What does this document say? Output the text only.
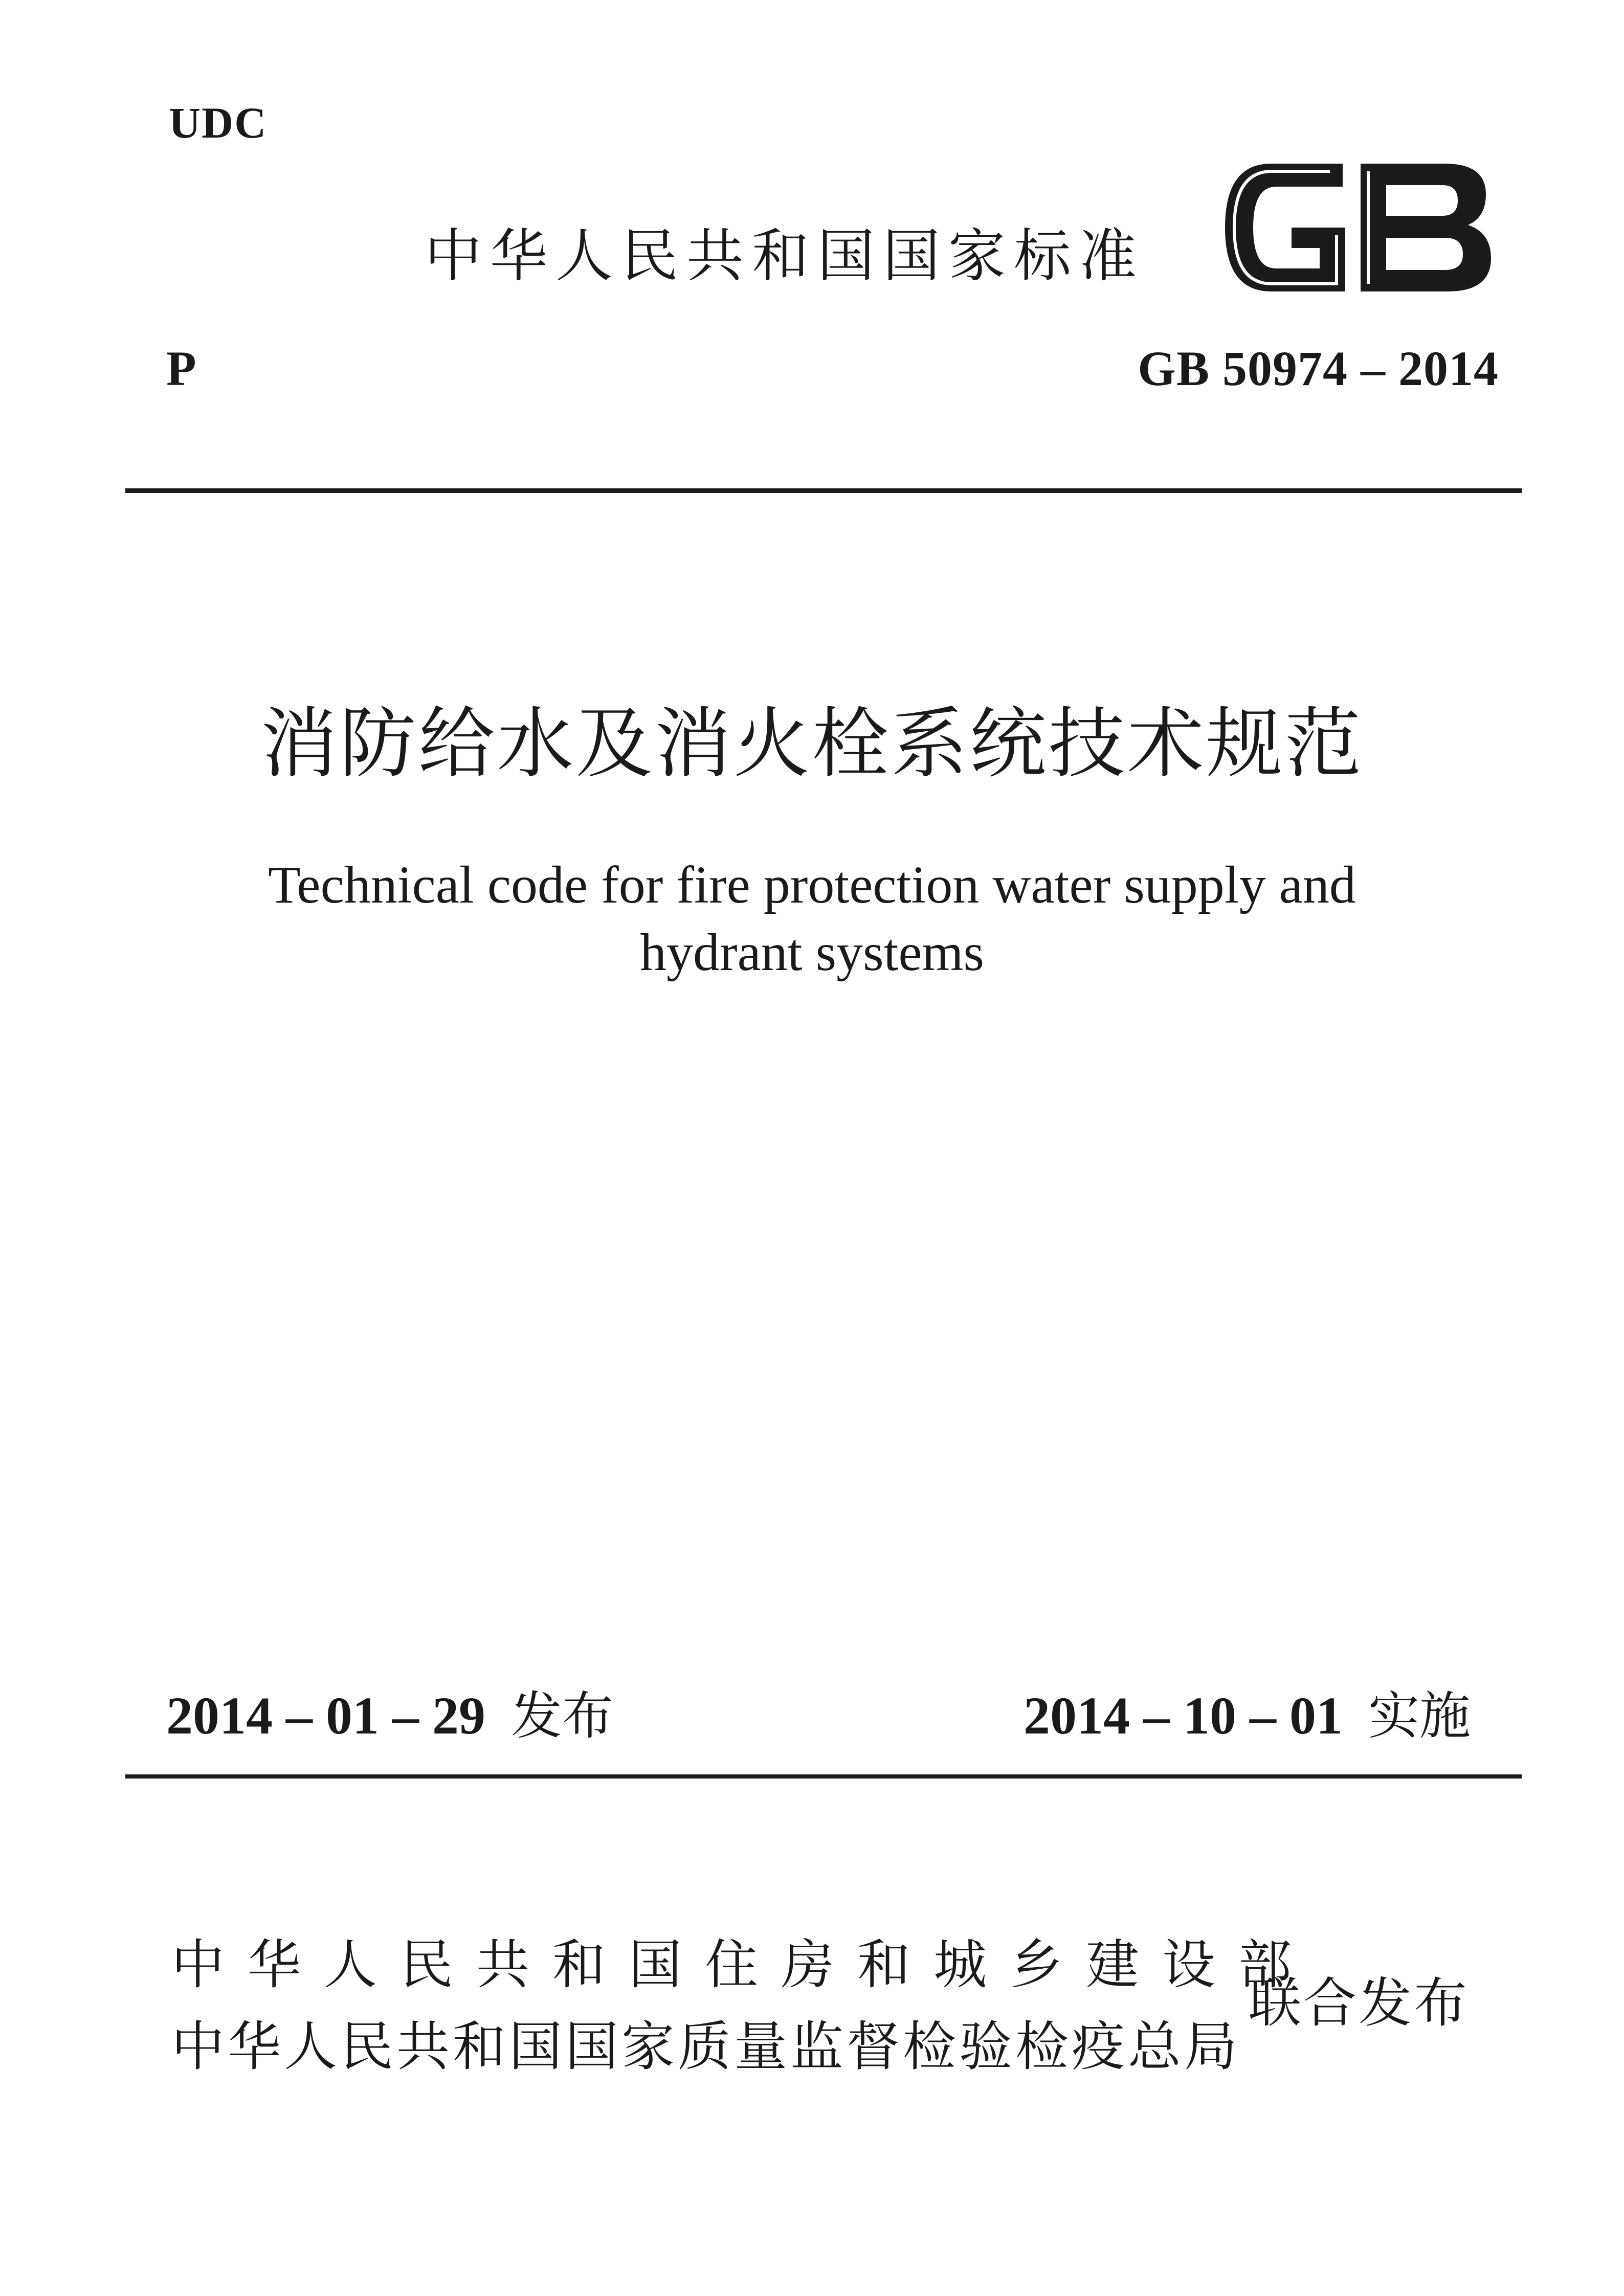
UDC
中华人民共和国国家标准
P	GB 50974 – 2014
消防给水及消火栓系统技术规范
Technical code for fire protection water supply and
hydrant systems
2014 – 01 – 29 发布	2014 – 10 – 01 实施
中华人民共和国住房和城乡建设部
中华人民共和国国家质量监督检验检疫总局
联合发布
